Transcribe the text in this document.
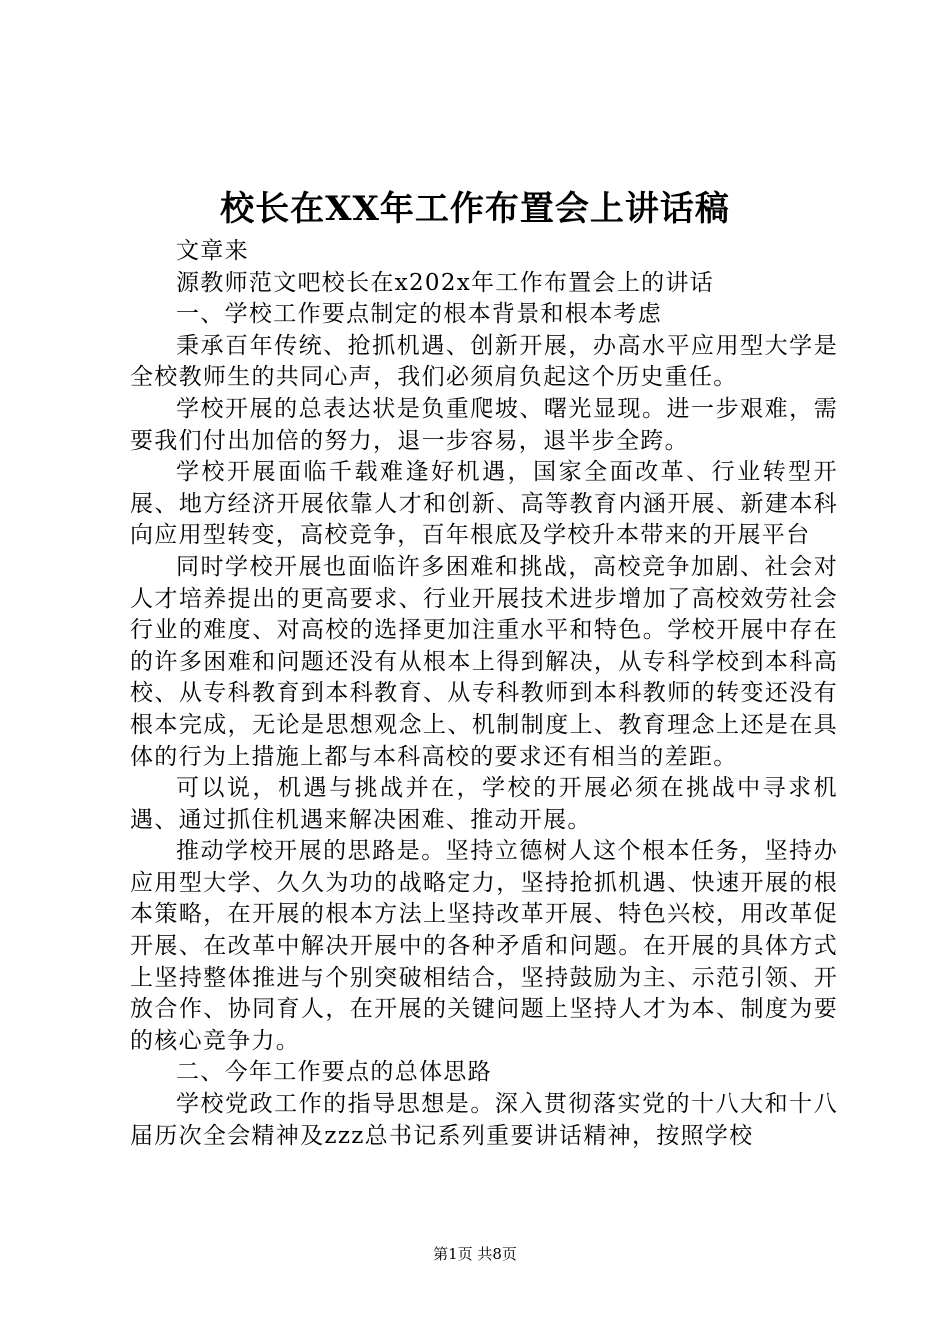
校长在XX年工作布置会上讲话稿

文章来

源教师范文吧校长在x202x年工作布置会上的讲话

一、学校工作要点制定的根本背景和根本考虑

秉承百年传统、抢抓机遇、创新开展，办高水平应用型大学是全校教师生的共同心声，我们必须肩负起这个历史重任。

学校开展的总表达状是负重爬坡、曙光显现。进一步艰难，需要我们付出加倍的努力，退一步容易，退半步全跨。

学校开展面临千载难逢好机遇，国家全面改革、行业转型开展、地方经济开展依靠人才和创新、高等教育内涵开展、新建本科向应用型转变，高校竞争，百年根底及学校升本带来的开展平台

同时学校开展也面临许多困难和挑战，高校竞争加剧、社会对人才培养提出的更高要求、行业开展技术进步增加了高校效劳社会行业的难度、对高校的选择更加注重水平和特色。学校开展中存在的许多困难和问题还没有从根本上得到解决，从专科学校到本科高校、从专科教育到本科教育、从专科教师到本科教师的转变还没有根本完成，无论是思想观念上、机制制度上、教育理念上还是在具体的行为上措施上都与本科高校的要求还有相当的差距。

可以说，机遇与挑战并在，学校的开展必须在挑战中寻求机遇、通过抓住机遇来解决困难、推动开展。

推动学校开展的思路是。坚持立德树人这个根本任务，坚持办应用型大学、久久为功的战略定力，坚持抢抓机遇、快速开展的根本策略，在开展的根本方法上坚持改革开展、特色兴校，用改革促开展、在改革中解决开展中的各种矛盾和问题。在开展的具体方式上坚持整体推进与个别突破相结合，坚持鼓励为主、示范引领、开放合作、协同育人，在开展的关键问题上坚持人才为本、制度为要的核心竞争力。

二、今年工作要点的总体思路

学校党政工作的指导思想是。深入贯彻落实党的十八大和十八届历次全会精神及zzz总书记系列重要讲话精神，按照学校

第1页 共8页
